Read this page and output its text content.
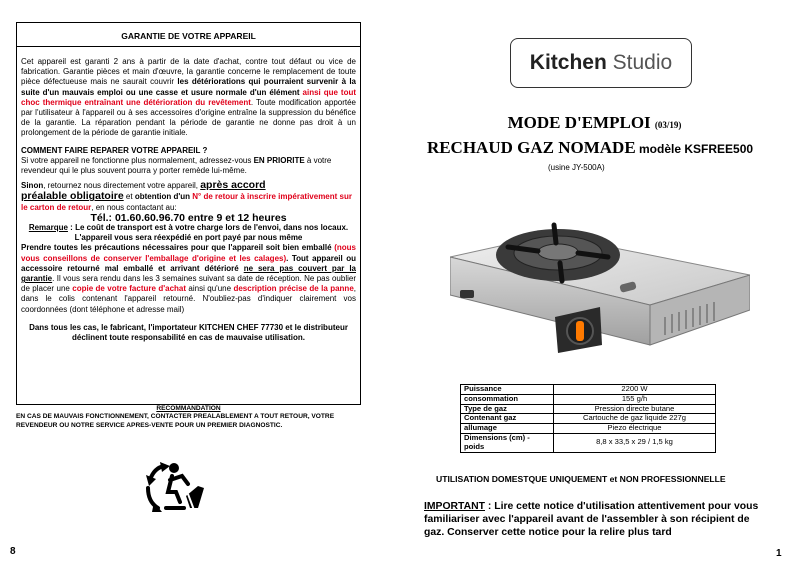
GARANTIE DE VOTRE APPAREIL

Cet appareil est garanti 2 ans à partir de la date d'achat, contre tout défaut ou vice de fabrication. Garantie pièces et main d'œuvre, la garantie concerne le remplacement de toute pièce défectueuse mais ne saurait couvrir les détériorations qui pourraient survenir à la suite d'un mauvais emploi ou une casse et usure normale d'un élément ainsi que tout choc thermique entraînant une détérioration du revêtement. Toute modification apportée par l'utilisateur à l'appareil ou à ses accessoires d'origine entraîne la suppression du bénéfice de la garantie. La réparation pendant la période de garantie ne donne pas droit à un prolongement de la période de garantie initiale.

COMMENT FAIRE REPARER VOTRE APPAREIL ?

Si votre appareil ne fonctionne plus normalement, adressez-vous EN PRIORITE à votre revendeur qui le plus souvent pourra y porter remède lui-même.

Sinon, retournez nous directement votre appareil, après accord
préalable obligatoire et obtention d'un N° de retour à inscrire impérativement sur le carton de retour, en nous contactant au:

Tél.: 01.60.60.96.70 entre 9 et 12 heures

Remarque : Le coût de transport est à votre charge lors de l'envoi, dans nos locaux. L'appareil vous sera réexpédié en port payé par nous même

Prendre toutes les précautions nécessaires pour que l'appareil soit bien emballé (nous vous conseillons de conserver l'emballage d'origine et les calages). Tout appareil ou accessoire retourné mal emballé et arrivant détérioré ne sera pas couvert par la garantie. Il vous sera rendu dans les 3 semaines suivant sa date de réception. Ne pas oublier de placer une copie de votre facture d'achat ainsi qu'une description précise de la panne, dans le colis contenant l'appareil retourné. N'oubliez-pas d'indiquer clairement vos coordonnées (dont téléphone et adresse mail)

Dans tous les cas, le fabricant, l'importateur KITCHEN CHEF 77730 et le distributeur déclinent toute responsabilité en cas de mauvaise utilisation.

RECOMMANDATION
EN CAS DE MAUVAIS FONCTIONNEMENT, CONTACTER PREALABLEMENT A TOUT RETOUR, VOTRE REVENDEUR OU NOTRE SERVICE APRES-VENTE POUR UN PREMIER DIAGNOSTIC.
8
Kitchen Studio
MODE D'EMPLOI (03/19)
RECHAUD GAZ NOMADE modèle KSFREE500
(usine JY-500A)
Puissance	2200 W
consommation	155 g/h
Type de gaz	Pression directe butane
Contenant gaz	Cartouche de gaz liquide 227g
allumage	Piezo électrique
Dimensions (cm) - poids	8,8 x 33,5 x 29 / 1,5 kg
UTILISATION DOMESTQUE UNIQUEMENT et NON PROFESSIONNELLE
IMPORTANT : Lire cette notice d'utilisation attentivement pour vous familiariser avec l'appareil avant de l'assembler à son récipient de gaz. Conserver cette notice pour la relire plus tard
1
